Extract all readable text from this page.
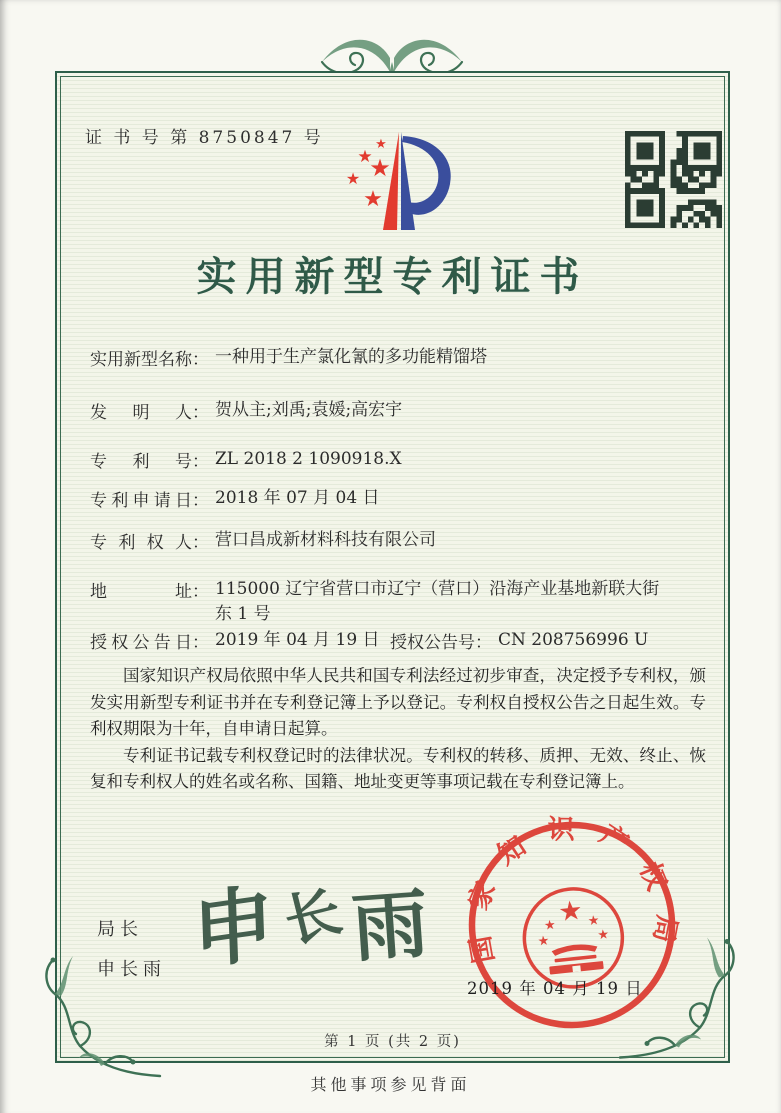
证 书 号 第 8750847 号	★
★
★
★
★
实用新型专利证书
实用新型名称 ： 一种用于生产氯化氰的多功能精馏塔
发明人 ： 贺从主;刘禹;袁媛;高宏宇
专利号 ： ZL 2018 2 1090918.X
专利申请日 ： 2018 年 07 月 04 日
专利权人 ： 营口昌成新材料科技有限公司
地址 ： 115000 辽宁省营口市辽宁（营口）沿海产业基地新联大街东 1 号
授权公告日 ： 2019 年 04 月 19 日 授权公告号 ： CN 208756996 U

国家知识产权局依照中华人民共和国专利法经过初步审查，决定授予专利权，颁发实用新型专利证书并在专利登记簿上予以登记。专利权自授权公告之日起生效。专利权期限为十年，自申请日起算。

专利证书记载专利权登记时的法律状况。专利权的转移、质押、无效、终止、恢复和专利权人的姓名或名称、国籍、地址变更等事项记载在专利登记簿上。

局长
申长雨 申长雨	国家知识产权局
★
★
★
★
★
2019 年 04 月 19 日
第 1 页 (共 2 页)
其他事项参见背面
